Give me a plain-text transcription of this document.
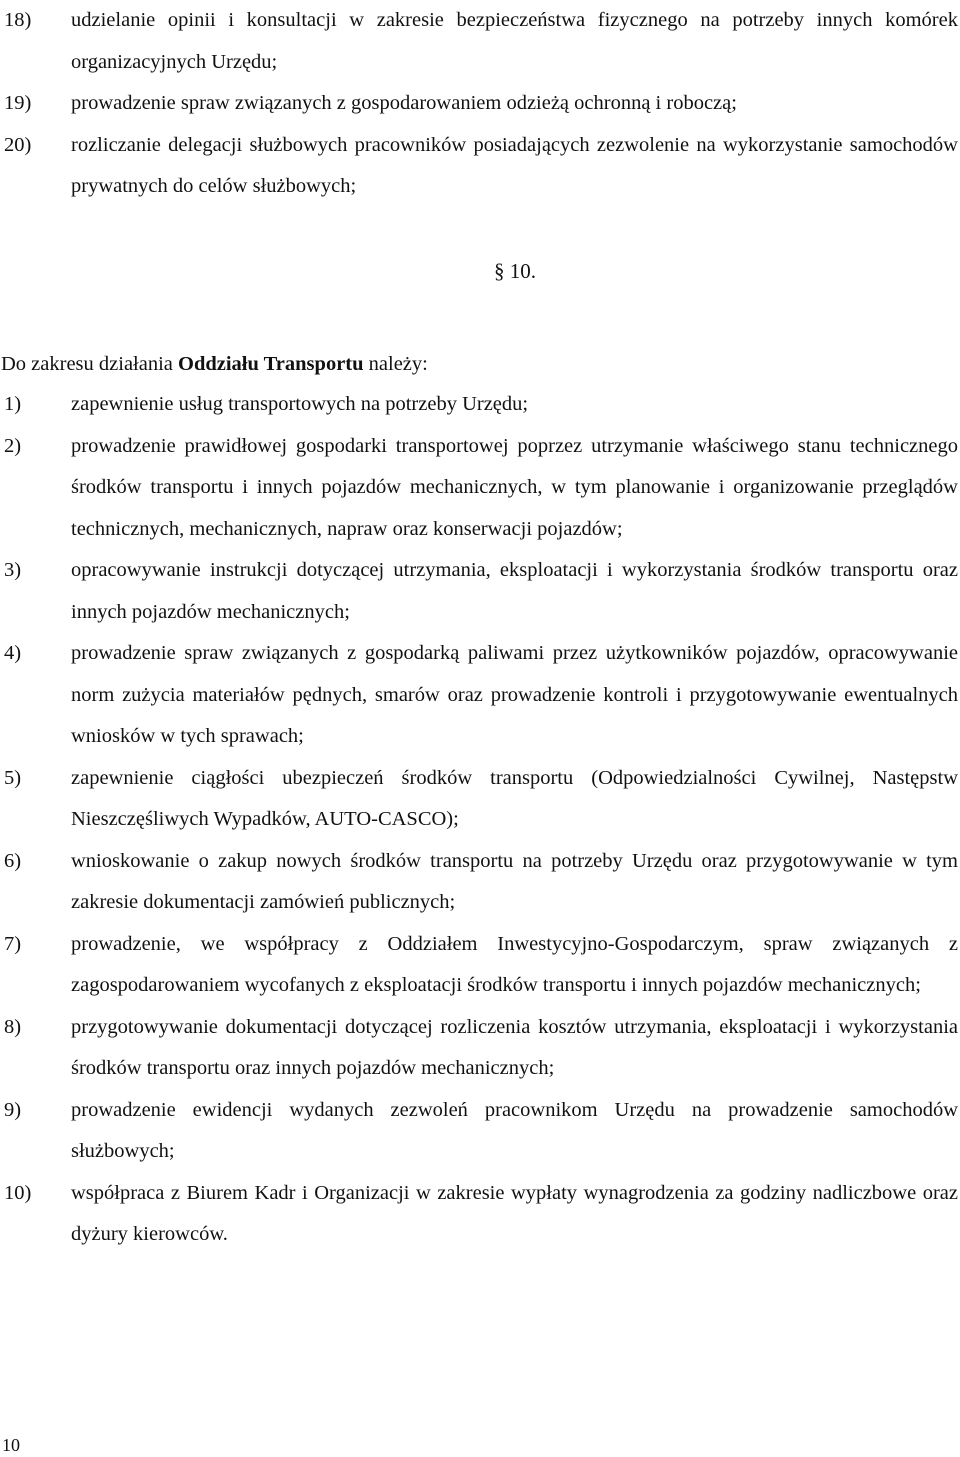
18) udzielanie opinii i konsultacji w zakresie bezpieczeństwa fizycznego na potrzeby innych komórek organizacyjnych Urzędu;
19) prowadzenie spraw związanych z gospodarowaniem odzieżą ochronną i roboczą;
20) rozliczanie delegacji służbowych pracowników posiadających zezwolenie na wykorzystanie samochodów prywatnych do celów służbowych;
§ 10.
Do zakresu działania Oddziału Transportu należy:
1) zapewnienie usług transportowych na potrzeby Urzędu;
2) prowadzenie prawidłowej gospodarki transportowej poprzez utrzymanie właściwego stanu technicznego środków transportu i innych pojazdów mechanicznych, w tym planowanie i organizowanie przeglądów technicznych, mechanicznych, napraw oraz konserwacji pojazdów;
3) opracowywanie instrukcji dotyczącej utrzymania, eksploatacji i wykorzystania środków transportu oraz innych pojazdów mechanicznych;
4) prowadzenie spraw związanych z gospodarką paliwami przez użytkowników pojazdów, opracowywanie norm zużycia materiałów pędnych, smarów oraz prowadzenie kontroli i przygotowywanie ewentualnych wniosków w tych sprawach;
5) zapewnienie ciągłości ubezpieczeń środków transportu (Odpowiedzialności Cywilnej, Następstw Nieszczęśliwych Wypadków, AUTO-CASCO);
6) wnioskowanie o zakup nowych środków transportu na potrzeby Urzędu oraz przygotowywanie w tym zakresie dokumentacji zamówień publicznych;
7) prowadzenie, we współpracy z Oddziałem Inwestycyjno-Gospodarczym, spraw związanych z zagospodarowaniem wycofanych z eksploatacji środków transportu i innych pojazdów mechanicznych;
8) przygotowywanie dokumentacji dotyczącej rozliczenia kosztów utrzymania, eksploatacji i wykorzystania środków transportu oraz innych pojazdów mechanicznych;
9) prowadzenie ewidencji wydanych zezwoleń pracownikom Urzędu na prowadzenie samochodów służbowych;
10) współpraca z Biurem Kadr i Organizacji w zakresie wypłaty wynagrodzenia za godziny nadliczbowe oraz dyżury kierowców.
10
